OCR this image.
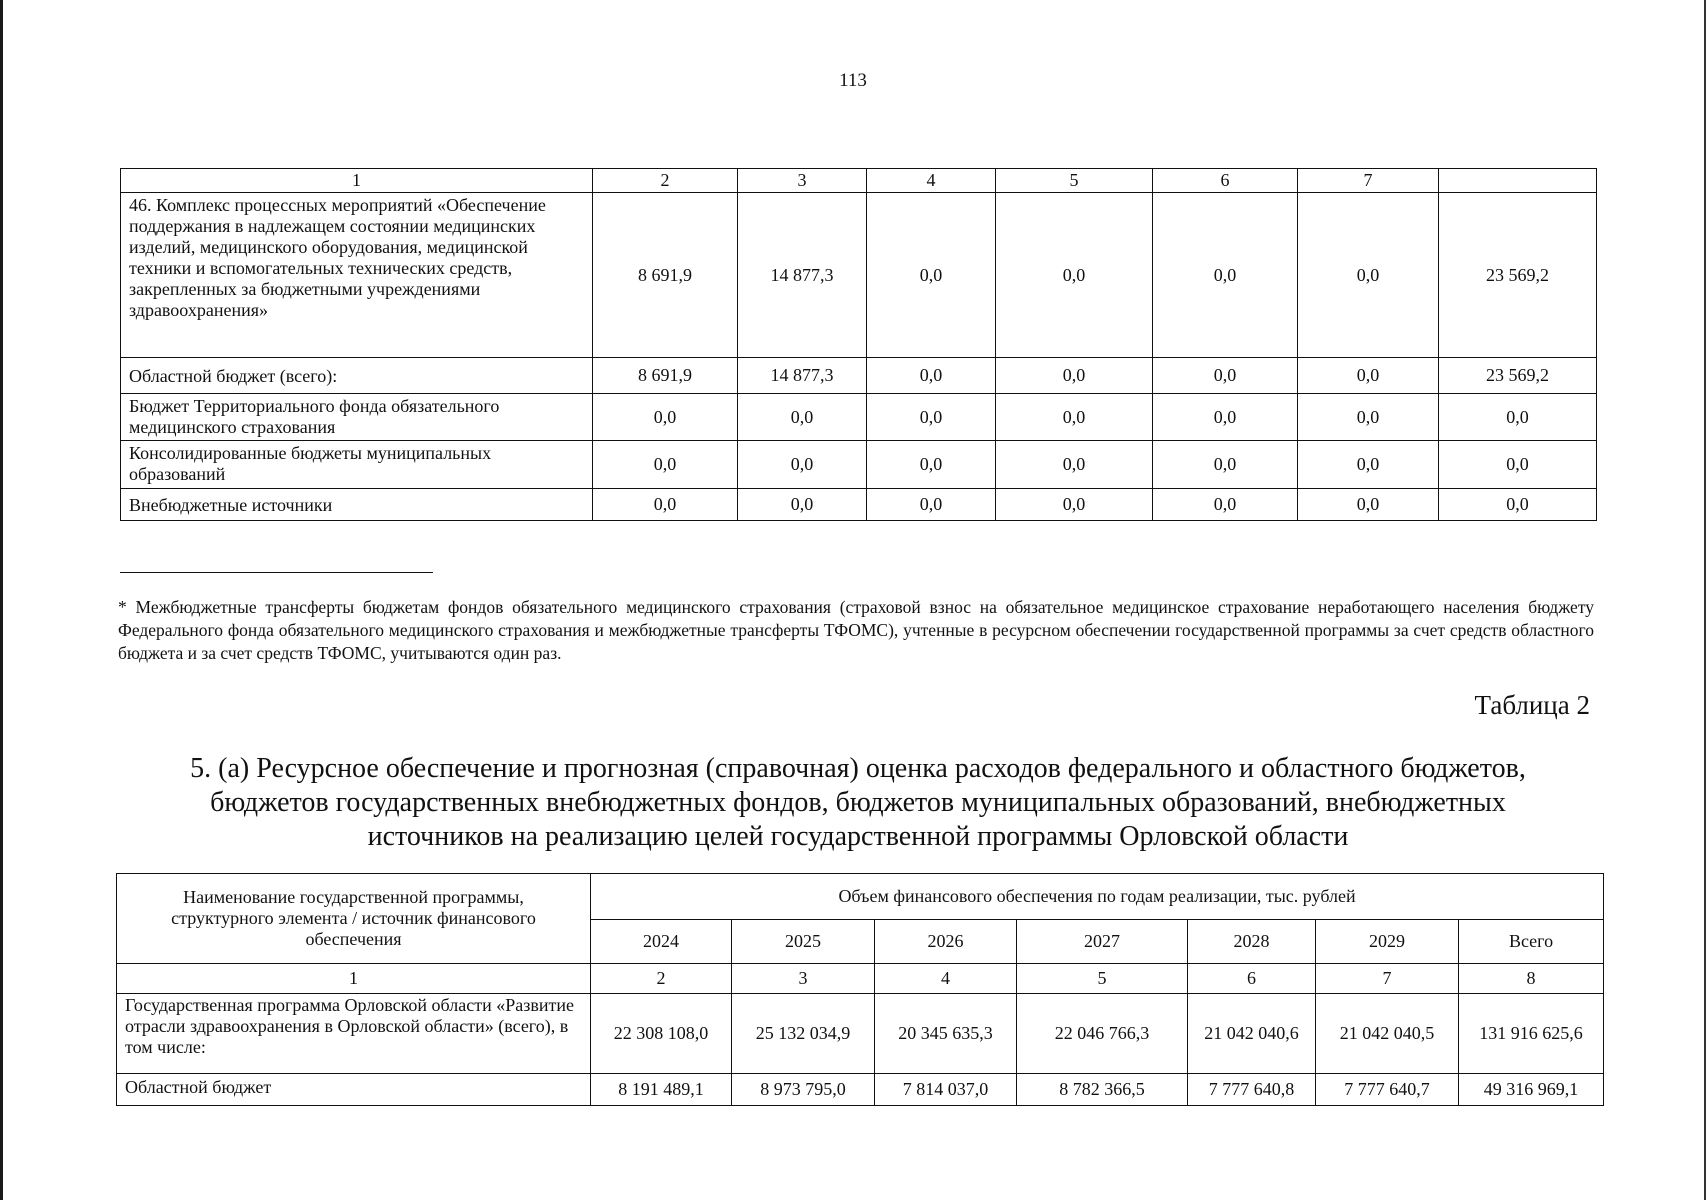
113
1	2	3	4	5	6	7	
46. Комплекс процессных мероприятий «Обеспечение поддержания в надлежащем состоянии медицинских изделий, медицинского оборудования, медицинской техники и вспомогательных технических средств, закрепленных за бюджетными учреждениями здравоохранения»	8 691,9	14 877,3	0,0	0,0	0,0	0,0	23 569,2
Областной бюджет (всего):	8 691,9	14 877,3	0,0	0,0	0,0	0,0	23 569,2
Бюджет Территориального фонда обязательного медицинского страхования	0,0	0,0	0,0	0,0	0,0	0,0	0,0
Консолидированные бюджеты муниципальных образований	0,0	0,0	0,0	0,0	0,0	0,0	0,0
Внебюджетные источники	0,0	0,0	0,0	0,0	0,0	0,0	0,0
* Межбюджетные трансферты бюджетам фондов обязательного медицинского страхования (страховой взнос на обязательное медицинское страхование неработающего населения бюджету Федерального фонда обязательного медицинского страхования и межбюджетные трансферты ТФОМС), учтенные в ресурсном обеспечении государственной программы за счет средств областного бюджета и за счет средств ТФОМС, учитываются один раз.
Таблица 2
5. (а) Ресурсное обеспечение и прогнозная (справочная) оценка расходов федерального и областного бюджетов,
бюджетов государственных внебюджетных фондов, бюджетов муниципальных образований, внебюджетных
источников на реализацию целей государственной программы Орловской области
Наименование государственной программы, структурного элемента / источник финансового обеспечения	Объем финансового обеспечения по годам реализации, тыс. рублей						
	2024	2025	2026	2027	2028	2029	Всего
1	2	3	4	5	6	7	8
Государственная программа Орловской области «Развитие отрасли здравоохранения в Орловской области» (всего), в том числе:	22 308 108,0	25 132 034,9	20 345 635,3	22 046 766,3	21 042 040,6	21 042 040,5	131 916 625,6
Областной бюджет	8 191 489,1	8 973 795,0	7 814 037,0	8 782 366,5	7 777 640,8	7 777 640,7	49 316 969,1
